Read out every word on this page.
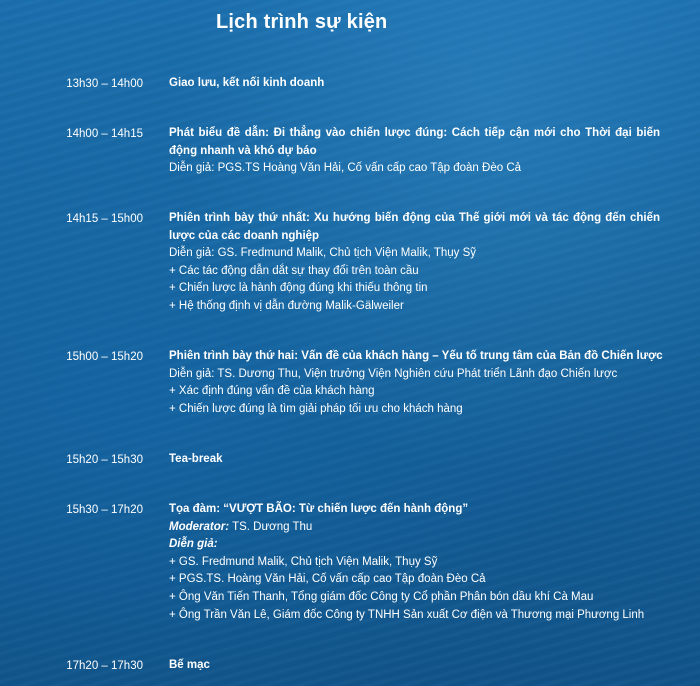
Lịch trình sự kiện
13h30 – 14h00 Giao lưu, kết nối kinh doanh
14h00 – 14h15 Phát biểu đề dẫn: Đi thẳng vào chiến lược đúng: Cách tiếp cận mới cho Thời đại biến động nhanh và khó dự báo
Diễn giả: PGS.TS Hoàng Văn Hải, Cố vấn cấp cao Tập đoàn Đèo Cả
14h15 – 15h00 Phiên trình bày thứ nhất: Xu hướng biến động của Thế giới mới và tác động đến chiến lược của các doanh nghiệp
Diễn giả: GS. Fredmund Malik, Chủ tịch Viện Malik, Thụy Sỹ
+ Các tác động dẫn dắt sự thay đổi trên toàn cầu
+ Chiến lược là hành động đúng khi thiếu thông tin
+ Hệ thống định vị dẫn đường Malik-Gälweiler
15h00 – 15h20 Phiên trình bày thứ hai: Vấn đề của khách hàng – Yếu tố trung tâm của Bản đồ Chiến lược
Diễn giả: TS. Dương Thu, Viện trưởng Viện Nghiên cứu Phát triển Lãnh đạo Chiến lược
+ Xác định đúng vấn đề của khách hàng
+ Chiến lược đúng là tìm giải pháp tối ưu cho khách hàng
15h20 – 15h30 Tea-break
15h30 – 17h20 Tọa đàm: “VƯỢT BÃO: Từ chiến lược đến hành động”
Moderator: TS. Dương Thu
Diễn giả:
+ GS. Fredmund Malik, Chủ tịch Viện Malik, Thụy Sỹ
+ PGS.TS. Hoàng Văn Hải, Cố vấn cấp cao Tập đoàn Đèo Cả
+ Ông Văn Tiến Thanh, Tổng giám đốc Công ty Cổ phần Phân bón dầu khí Cà Mau
+ Ông Trần Văn Lê, Giám đốc Công ty TNHH Sản xuất Cơ điện và Thương mại Phương Linh
17h20 – 17h30 Bế mạc
